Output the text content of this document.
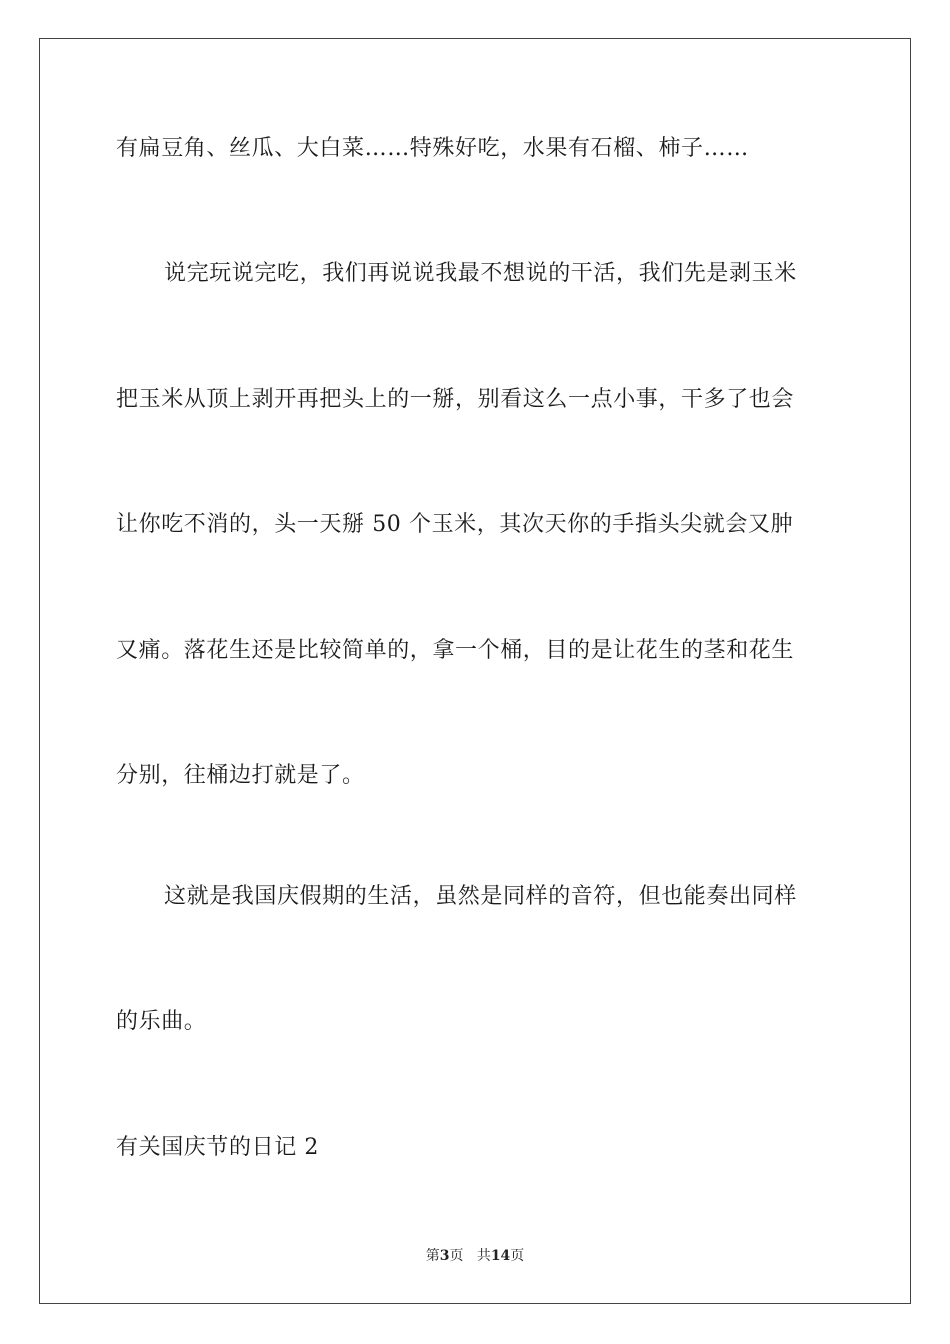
有扁豆角、丝瓜、大白菜……特殊好吃，水果有石榴、柿子……
说完玩说完吃，我们再说说我最不想说的干活，我们先是剥玉米
把玉米从顶上剥开再把头上的一掰，别看这么一点小事，干多了也会
让你吃不消的，头一天掰 50 个玉米，其次天你的手指头尖就会又肿
又痛。落花生还是比较简单的，拿一个桶，目的是让花生的茎和花生
分别，往桶边打就是了。
这就是我国庆假期的生活，虽然是同样的音符，但也能奏出同样
的乐曲。
有关国庆节的日记 2
第3页 共14页
